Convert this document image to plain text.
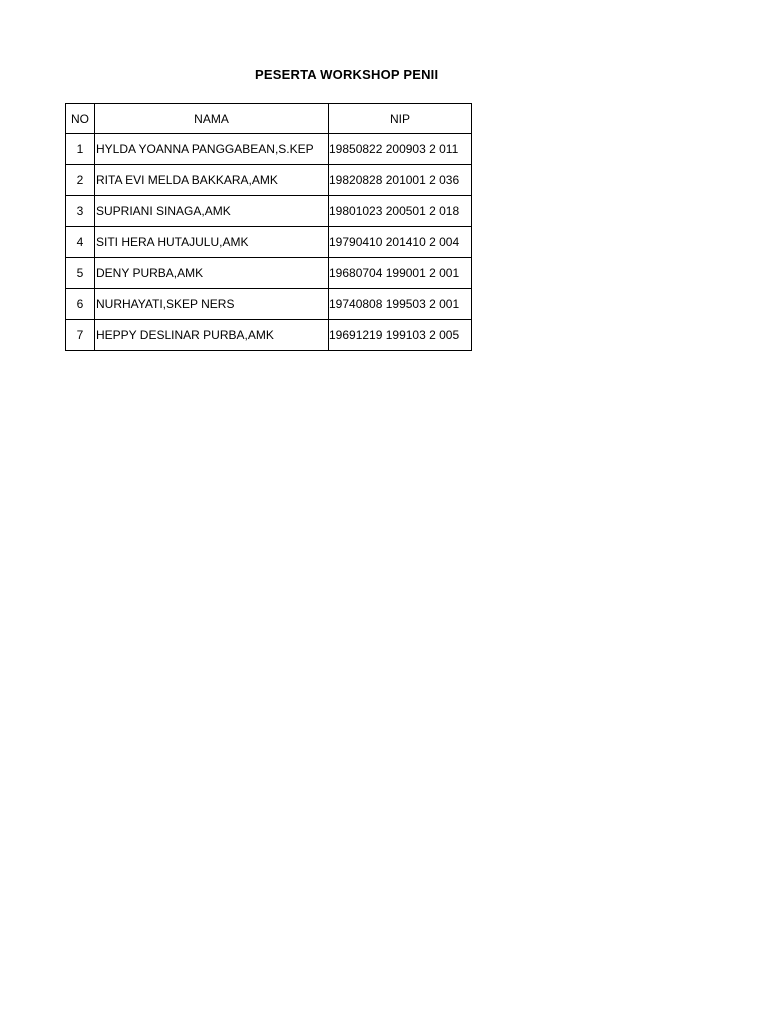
PESERTA WORKSHOP PENII
NO	NAMA	NIP
1	HYLDA YOANNA PANGGABEAN,S.KEP	19850822 200903 2 011
2	RITA EVI MELDA BAKKARA,AMK	19820828 201001 2 036
3	SUPRIANI SINAGA,AMK	19801023 200501 2 018
4	SITI HERA HUTAJULU,AMK	19790410 201410 2 004
5	DENY PURBA,AMK	19680704 199001 2 001
6	NURHAYATI,SKEP NERS	19740808 199503 2 001
7	HEPPY DESLINAR PURBA,AMK	19691219 199103 2 005
